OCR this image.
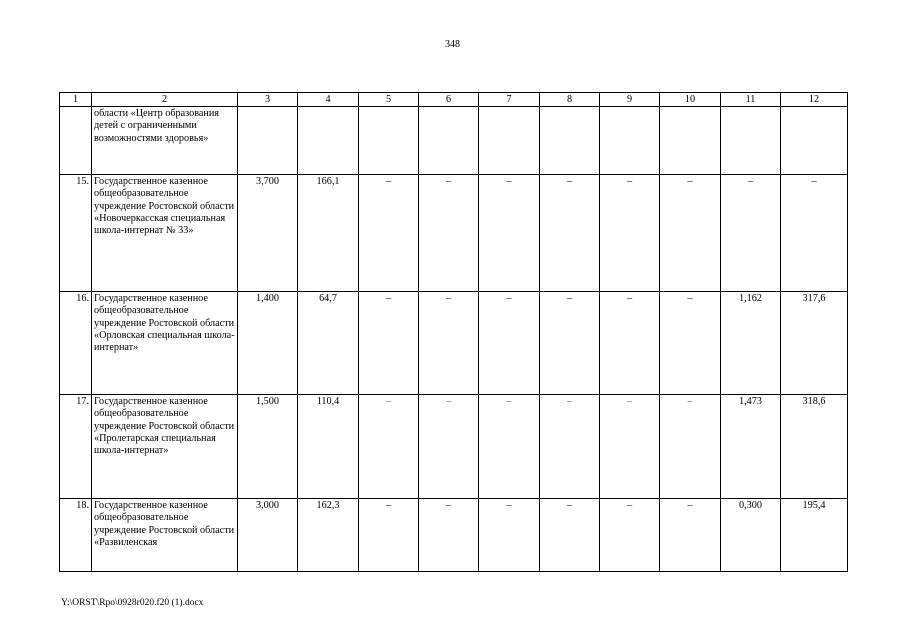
348
1	2	3	4	5	6	7	8	9	10	11	12
	области «Центр образования детей с ограниченными возможностями здоровья»										
15.	Государственное казенное общеобразовательное учреждение Ростовской области «Новочеркасская специальная школа-интернат № 33»	3,700	166,1	–	–	–	–	–	–	–	–
16.	Государственное казенное общеобразовательное учреждение Ростовской области «Орловская специальная школа-интернат»	1,400	64,7	–	–	–	–	–	–	1,162	317,6
17.	Государственное казенное общеобразовательное учреждение Ростовской области «Пролетарская специальная школа-интернат»	1,500	110,4	–	–	–	–	–	–	1,473	318,6
18.	Государственное казенное общеобразовательное учреждение Ростовской области «Развиленская	3,000	162,3	–	–	–	–	–	–	0,300	195,4
Y:\ORST\Rpo\0928r020.f20 (1).docx
